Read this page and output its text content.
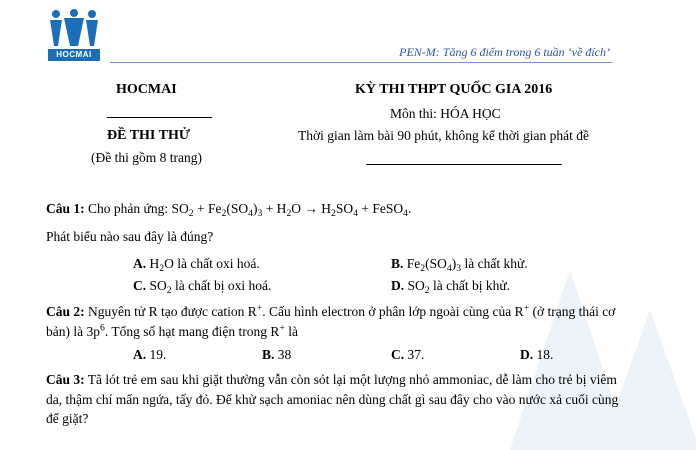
HOCMAI	PEN-M: Tăng 6 điểm trong 6 tuần ‘về đích’
HOCMAI
ĐỀ THI THỬ
(Đề thi gồm 8 trang)
KỲ THI THPT QUỐC GIA 2016
Môn thi: HÓA HỌC
Thời gian làm bài 90 phút, không kể thời gian phát đề
Câu 1: Cho phản ứng: $SO_2 + Fe_2(SO_4)_3 + H_2O \to H_2SO_4$ + FeSO$_4$.
Phát biểu nào sau đây là đúng?
A. $H_2O$ là chất oxi hoá.	B. $Fe_2(SO_4)_3$ là chất khử.
C. $SO_2$ là chất bị oxi hoá.	D. $SO_2$ là chất bị khử.
Câu 2: Nguyên tử R tạo được cation R+. Cấu hình electron ở phân lớp ngoài cùng của R+ (ở trạng thái cơ
bản) là $3p^6$. Tổng số hạt mang điện trong R+ là
A. 19.	B. 38	C. 37.	D. 18.
Câu 3: Tã lót trẻ em sau khi giặt thường vẫn còn sót lại một lượng nhỏ ammoniac, dễ làm cho trẻ bị viêm
da, thậm chí mẩn ngứa, tấy đỏ. Để khử sạch amoniac nên dùng chất gì sau đây cho vào nước xả cuối cùng
để giặt?
